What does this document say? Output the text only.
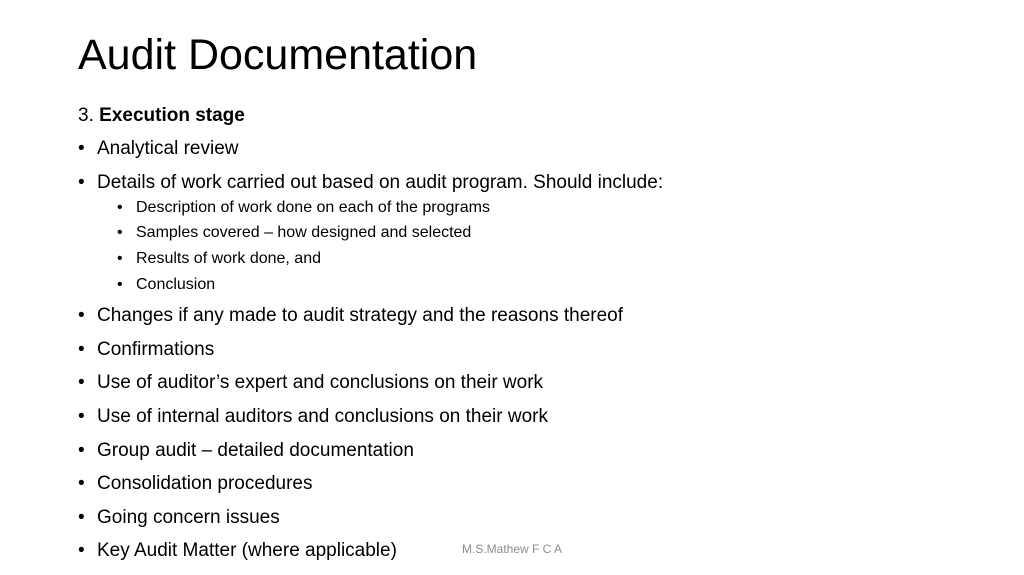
Audit Documentation
3. Execution stage
• Analytical review
• Details of work carried out based on audit program. Should include:
• Description of work done on each of the programs
• Samples covered – how designed and selected
• Results of work done, and
• Conclusion
• Changes if any made to audit strategy and the reasons thereof
• Confirmations
• Use of auditor’s expert and conclusions on their work
• Use of internal auditors and conclusions on their work
• Group audit – detailed documentation
• Consolidation procedures
• Going concern issues
• Key Audit Matter (where applicable)	M.S.Mathew F C A
